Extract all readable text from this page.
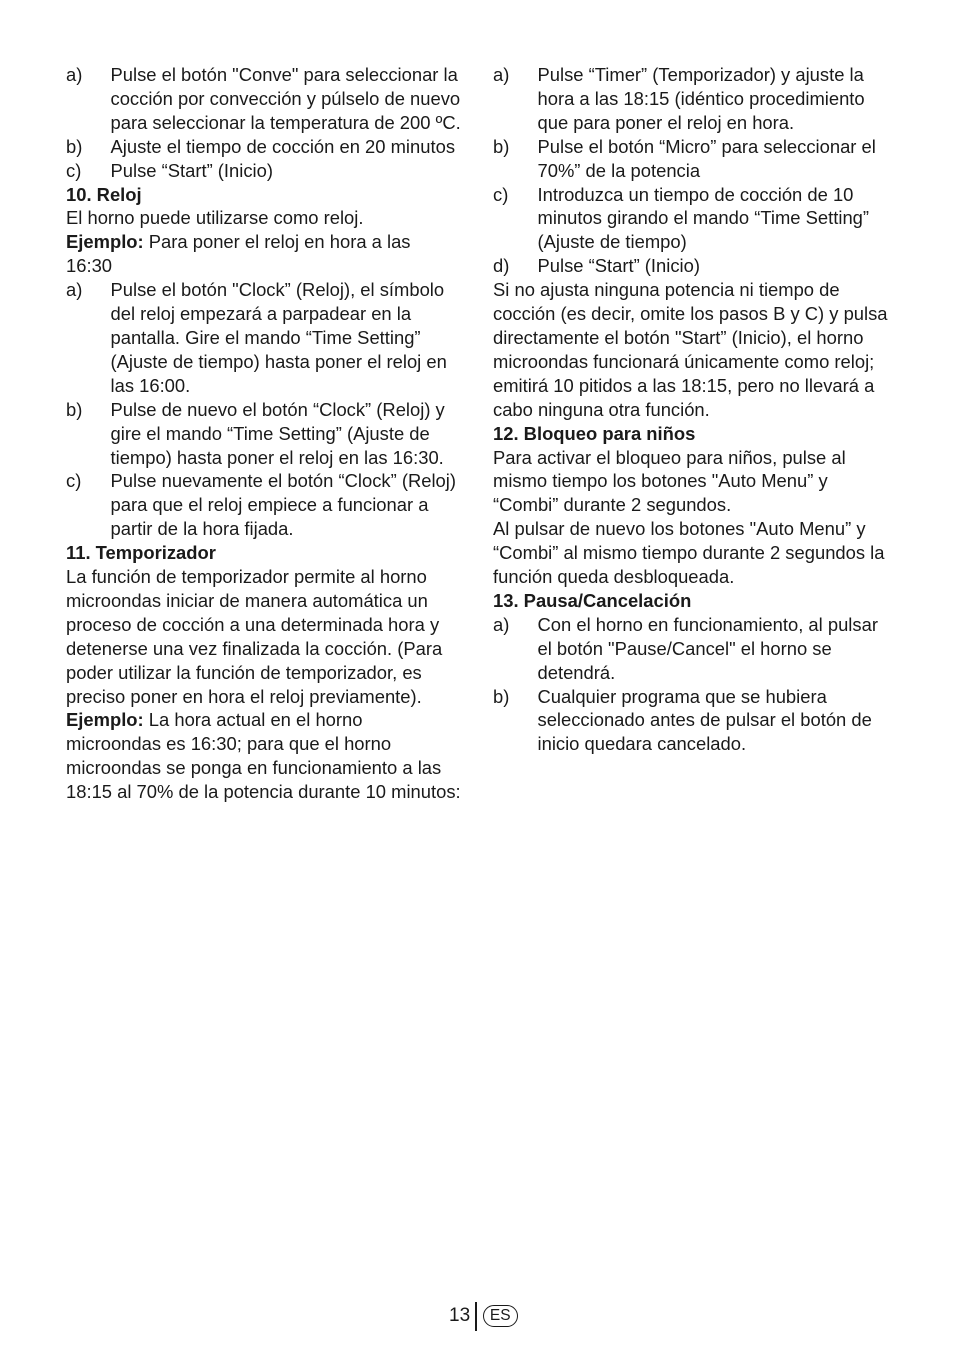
a) Pulse el botón "Conve" para seleccionar la cocción por convección y púlselo de nuevo para seleccionar la temperatura de 200 ºC.
b) Ajuste el tiempo de cocción en 20 minutos
c) Pulse “Start” (Inicio)
10. Reloj
El horno puede utilizarse como reloj.
Ejemplo: Para poner el reloj en hora a las 16:30
a) Pulse el botón "Clock” (Reloj), el símbolo del reloj empezará a parpadear en la pantalla. Gire el mando “Time Setting” (Ajuste de tiempo) hasta poner el reloj en las 16:00.
b) Pulse de nuevo el botón “Clock” (Reloj) y gire el mando “Time Setting” (Ajuste de tiempo) hasta poner el reloj en las 16:30.
c) Pulse nuevamente el botón “Clock” (Reloj) para que el reloj empiece a funcionar a partir de la hora fijada.
11. Temporizador
La función de temporizador permite al horno microondas iniciar de manera automática un proceso de cocción a una determinada hora y detenerse una vez finalizada la cocción. (Para poder utilizar la función de temporizador, es preciso poner en hora el reloj previamente).
Ejemplo: La hora actual en el horno microondas es 16:30; para que el horno microondas se ponga en funcionamiento a las 18:15 al 70% de la potencia durante 10 minutos:
a) Pulse “Timer” (Temporizador) y ajuste la hora a las 18:15 (idéntico procedimiento que para poner el reloj en hora.
b) Pulse el botón “Micro” para seleccionar el 70%” de la potencia
c) Introduzca un tiempo de cocción de 10 minutos girando el mando “Time Setting” (Ajuste de tiempo)
d) Pulse “Start” (Inicio)
Si no ajusta ninguna potencia ni tiempo de cocción (es decir, omite los pasos B y C) y pulsa directamente el botón "Start” (Inicio), el horno microondas funcionará únicamente como reloj; emitirá 10 pitidos a las 18:15, pero no llevará a cabo ninguna otra función.
12. Bloqueo para niños
Para activar el bloqueo para niños, pulse al mismo tiempo los botones "Auto Menu” y “Combi” durante 2 segundos.
Al pulsar de nuevo los botones "Auto Menu” y “Combi” al mismo tiempo durante 2 segundos la función queda desbloqueada.
13. Pausa/Cancelación
a) Con el horno en funcionamiento, al pulsar el botón "Pause/Cancel" el horno se detendrá.
b) Cualquier programa que se hubiera seleccionado antes de pulsar el botón de inicio quedara cancelado.
13	ES
